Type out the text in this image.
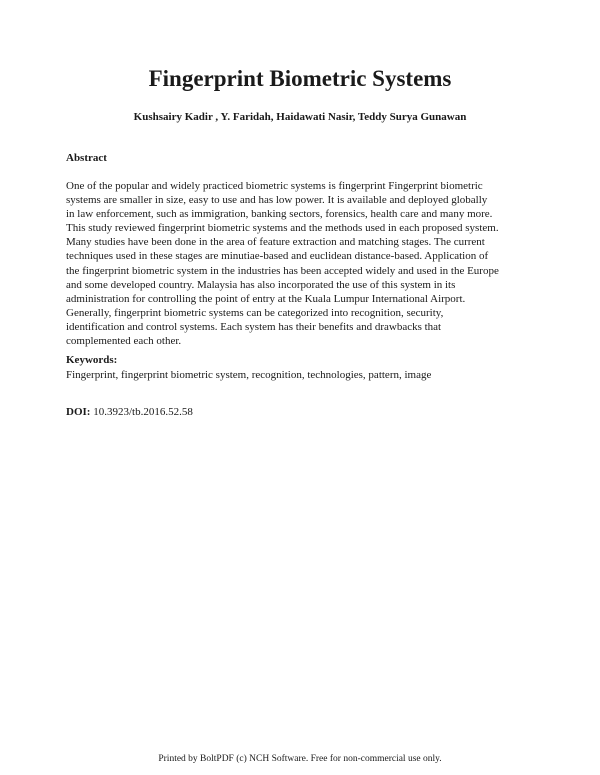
Fingerprint Biometric Systems

Kushsairy Kadir , Y. Faridah, Haidawati Nasir, Teddy Surya Gunawan

Abstract

One of the popular and widely practiced biometric systems is fingerprint Fingerprint biometric
systems are smaller in size, easy to use and has low power. It is available and deployed globally
in law enforcement, such as immigration, banking sectors, forensics, health care and many more.
This study reviewed fingerprint biometric systems and the methods used in each proposed system.
Many studies have been done in the area of feature extraction and matching stages. The current
techniques used in these stages are minutiae-based and euclidean distance-based. Application of
the fingerprint biometric system in the industries has been accepted widely and used in the Europe
and some developed country. Malaysia has also incorporated the use of this system in its
administration for controlling the point of entry at the Kuala Lumpur International Airport.
Generally, fingerprint biometric systems can be categorized into recognition, security,
identification and control systems. Each system has their benefits and drawbacks that
complemented each other.

Keywords:

Fingerprint, fingerprint biometric system, recognition, technologies, pattern, image

DOI: 10.3923/tb.2016.52.58

Printed by BoltPDF (c) NCH Software. Free for non-commercial use only.
